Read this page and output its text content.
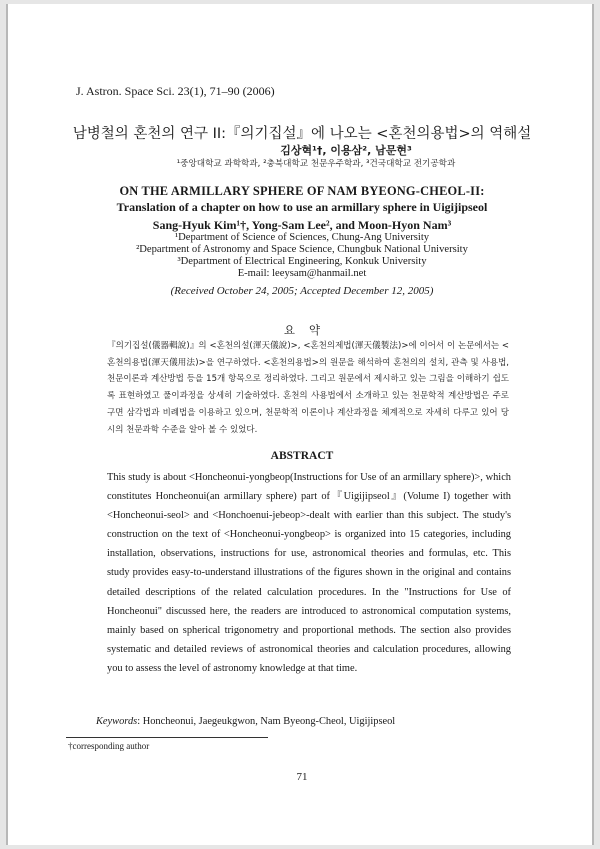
J. Astron. Space Sci. 23(1), 71–90 (2006)
남병철의 혼천의 연구 II:『의기집설』에 나오는 <혼천의용법>의 역해설
김상혁¹†, 이용삼², 남문현³
¹중앙대학교 과학학과, ²충북대학교 천문우주학과, ³건국대학교 전기공학과
ON THE ARMILLARY SPHERE OF NAM BYEONG-CHEOL-II:
Translation of a chapter on how to use an armillary sphere in Uigijipseol
Sang-Hyuk Kim¹†, Yong-Sam Lee², and Moon-Hyon Nam³
¹Department of Science of Sciences, Chung-Ang University
²Department of Astronomy and Space Science, Chungbuk National University
³Department of Electrical Engineering, Konkuk University
E-mail: leeysam@hanmail.net
(Received October 24, 2005; Accepted December 12, 2005)
요약
『의기집설(儀器輯說)』의 <혼천의설(渾天儀說)>, <혼천의제법(渾天儀製法)>에 이어서 이 논문에서는 <혼천의용법(渾天儀用法)>을 연구하였다. <혼천의용법>의 원문을 해석하여 혼천의의 설치, 관측 및 사용법, 천문이론과 계산방법 등을 15개 항목으로 정리하였다. 그리고 원문에서 제시하고 있는 그림을 이해하기 쉽도록 표현하였고 풀이과정을 상세히 기술하였다. 혼천의 사용법에서 소개하고 있는 천문학적 계산방법은 주로 구면 삼각법과 비례법을 이용하고 있으며, 천문학적 이론이나 계산과정을 체계적으로 자세히 다루고 있어 당시의 천문과학 수준을 알아 볼 수 있었다.
ABSTRACT
This study is about <Honcheonui-yongbeop(Instructions for Use of an armillary sphere)>, which constitutes Honcheonui(an armillary sphere) part of『Uigijipseol』(Volume I) together with <Honcheonui-seol> and <Honchoenui-jebeop>-dealt with earlier than this subject. The study's construction on the text of <Honcheonui-yongbeop> is organized into 15 categories, including installation, observations, instructions for use, astronomical theories and formulas, etc. This study provides easy-to-understand illustrations of the figures shown in the original and contains detailed descriptions of the related calculation procedures. In the "Instructions for Use of Honcheonui" discussed here, the readers are introduced to astronomical computation systems, mainly based on spherical trigonometry and proportional methods. The section also provides systematic and detailed reviews of astronomical theories and calculation procedures, allowing you to assess the level of astronomy knowledge at that time.
Keywords: Honcheonui, Jaegeukgwon, Nam Byeong-Cheol, Uigijipseol
†corresponding author
71
